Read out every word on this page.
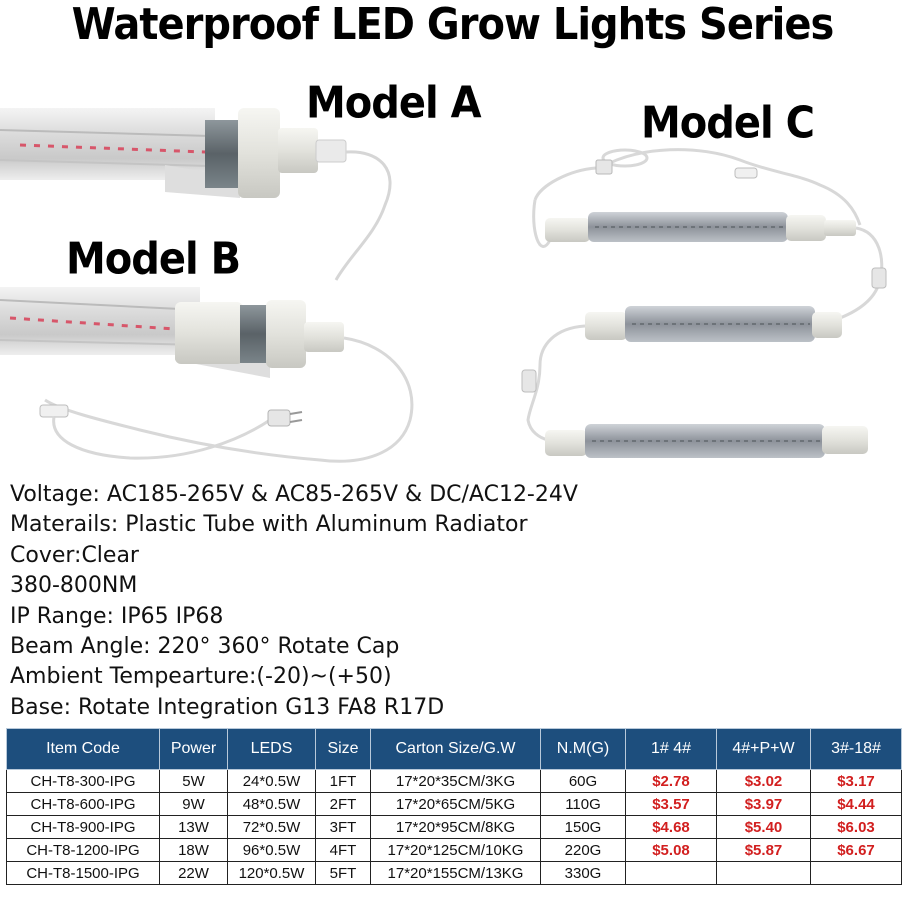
Waterproof LED Grow Lights Series
Model A
Model B
Model C
Voltage: AC185-265V & AC85-265V & DC/AC12-24V
Materails: Plastic Tube with Aluminum Radiator
Cover:Clear
380-800NM
IP Range: IP65 IP68
Beam Angle: 220° 360° Rotate Cap
Ambient Tempearture:(-20)~(+50)
Base: Rotate Integration G13 FA8 R17D
Item Code	Power	LEDS	Size	Carton Size/G.W	N.M(G)	1# 4#	4#+P+W	3#-18#
CH-T8-300-IPG	5W	24*0.5W	1FT	17*20*35CM/3KG	60G	$2.78	$3.02	$3.17
CH-T8-600-IPG	9W	48*0.5W	2FT	17*20*65CM/5KG	110G	$3.57	$3.97	$4.44
CH-T8-900-IPG	13W	72*0.5W	3FT	17*20*95CM/8KG	150G	$4.68	$5.40	$6.03
CH-T8-1200-IPG	18W	96*0.5W	4FT	17*20*125CM/10KG	220G	$5.08	$5.87	$6.67
CH-T8-1500-IPG	22W	120*0.5W	5FT	17*20*155CM/13KG	330G			
